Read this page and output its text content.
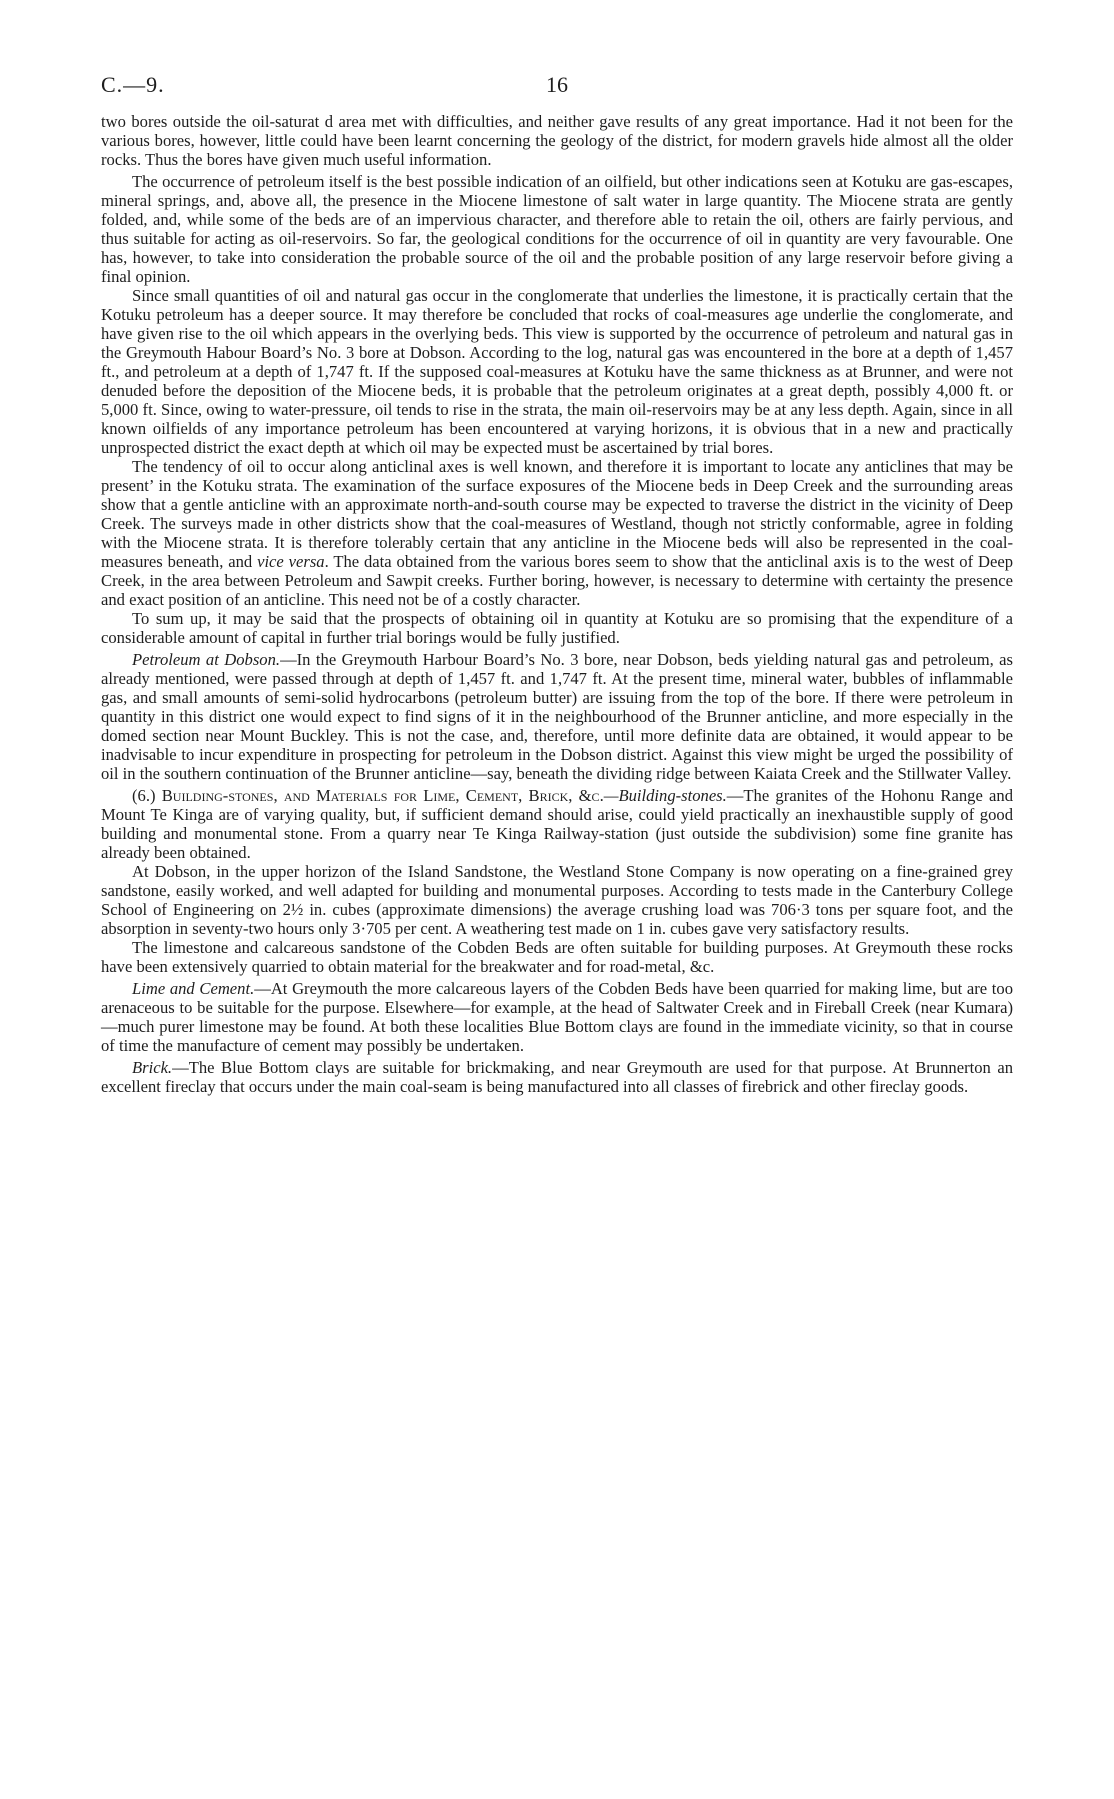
C.—9.	16

two bores outside the oil-saturat d area met with difficulties, and neither gave results of any great importance. Had it not been for the various bores, however, little could have been learnt concerning the geology of the district, for modern gravels hide almost all the older rocks. Thus the bores have given much useful information.

The occurrence of petroleum itself is the best possible indication of an oilfield, but other indications seen at Kotuku are gas-escapes, mineral springs, and, above all, the presence in the Miocene limestone of salt water in large quantity. The Miocene strata are gently folded, and, while some of the beds are of an impervious character, and therefore able to retain the oil, others are fairly pervious, and thus suitable for acting as oil-reservoirs. So far, the geological conditions for the occurrence of oil in quantity are very favourable. One has, however, to take into consideration the probable source of the oil and the probable position of any large reservoir before giving a final opinion.

Since small quantities of oil and natural gas occur in the conglomerate that underlies the limestone, it is practically certain that the Kotuku petroleum has a deeper source. It may therefore be concluded that rocks of coal-measures age underlie the conglomerate, and have given rise to the oil which appears in the overlying beds. This view is supported by the occurrence of petroleum and natural gas in the Greymouth Habour Board’s No. 3 bore at Dobson. According to the log, natural gas was encountered in the bore at a depth of 1,457 ft., and petroleum at a depth of 1,747 ft. If the supposed coal-measures at Kotuku have the same thickness as at Brunner, and were not denuded before the deposition of the Miocene beds, it is probable that the petroleum originates at a great depth, possibly 4,000 ft. or 5,000 ft. Since, owing to water-pressure, oil tends to rise in the strata, the main oil-reservoirs may be at any less depth. Again, since in all known oilfields of any importance petroleum has been encountered at varying horizons, it is obvious that in a new and practically unprospected district the exact depth at which oil may be expected must be ascertained by trial bores.

The tendency of oil to occur along anticlinal axes is well known, and therefore it is important to locate any anticlines that may be present’ in the Kotuku strata. The examination of the surface exposures of the Miocene beds in Deep Creek and the surrounding areas show that a gentle anticline with an approximate north-and-south course may be expected to traverse the district in the vicinity of Deep Creek. The surveys made in other districts show that the coal-measures of Westland, though not strictly conformable, agree in folding with the Miocene strata. It is therefore tolerably certain that any anticline in the Miocene beds will also be represented in the coal-measures beneath, and vice versa. The data obtained from the various bores seem to show that the anticlinal axis is to the west of Deep Creek, in the area between Petroleum and Sawpit creeks. Further boring, however, is necessary to determine with certainty the presence and exact position of an anticline. This need not be of a costly character.

To sum up, it may be said that the prospects of obtaining oil in quantity at Kotuku are so promising that the expenditure of a considerable amount of capital in further trial borings would be fully justified.

Petroleum at Dobson.—In the Greymouth Harbour Board’s No. 3 bore, near Dobson, beds yielding natural gas and petroleum, as already mentioned, were passed through at depth of 1,457 ft. and 1,747 ft. At the present time, mineral water, bubbles of inflammable gas, and small amounts of semi-solid hydrocarbons (petroleum butter) are issuing from the top of the bore. If there were petroleum in quantity in this district one would expect to find signs of it in the neighbourhood of the Brunner anticline, and more especially in the domed section near Mount Buckley. This is not the case, and, therefore, until more definite data are obtained, it would appear to be inadvisable to incur expenditure in prospecting for petroleum in the Dobson district. Against this view might be urged the possibility of oil in the southern continuation of the Brunner anticline—say, beneath the dividing ridge between Kaiata Creek and the Stillwater Valley.

(6.) Building-stones, and Materials for Lime, Cement, Brick, &c.—Building-stones.—The granites of the Hohonu Range and Mount Te Kinga are of varying quality, but, if sufficient demand should arise, could yield practically an inexhaustible supply of good building and monumental stone. From a quarry near Te Kinga Railway-station (just outside the subdivision) some fine granite has already been obtained.

At Dobson, in the upper horizon of the Island Sandstone, the Westland Stone Company is now operating on a fine-grained grey sandstone, easily worked, and well adapted for building and monumental purposes. According to tests made in the Canterbury College School of Engineering on 2½ in. cubes (approximate dimensions) the average crushing load was 706·3 tons per square foot, and the absorption in seventy-two hours only 3·705 per cent. A weathering test made on 1 in. cubes gave very satisfactory results.

The limestone and calcareous sandstone of the Cobden Beds are often suitable for building purposes. At Greymouth these rocks have been extensively quarried to obtain material for the breakwater and for road-metal, &c.

Lime and Cement.—At Greymouth the more calcareous layers of the Cobden Beds have been quarried for making lime, but are too arenaceous to be suitable for the purpose. Elsewhere—for example, at the head of Saltwater Creek and in Fireball Creek (near Kumara)—much purer limestone may be found. At both these localities Blue Bottom clays are found in the immediate vicinity, so that in course of time the manufacture of cement may possibly be undertaken.

Brick.—The Blue Bottom clays are suitable for brickmaking, and near Greymouth are used for that purpose. At Brunnerton an excellent fireclay that occurs under the main coal-seam is being manufactured into all classes of firebrick and other fireclay goods.
